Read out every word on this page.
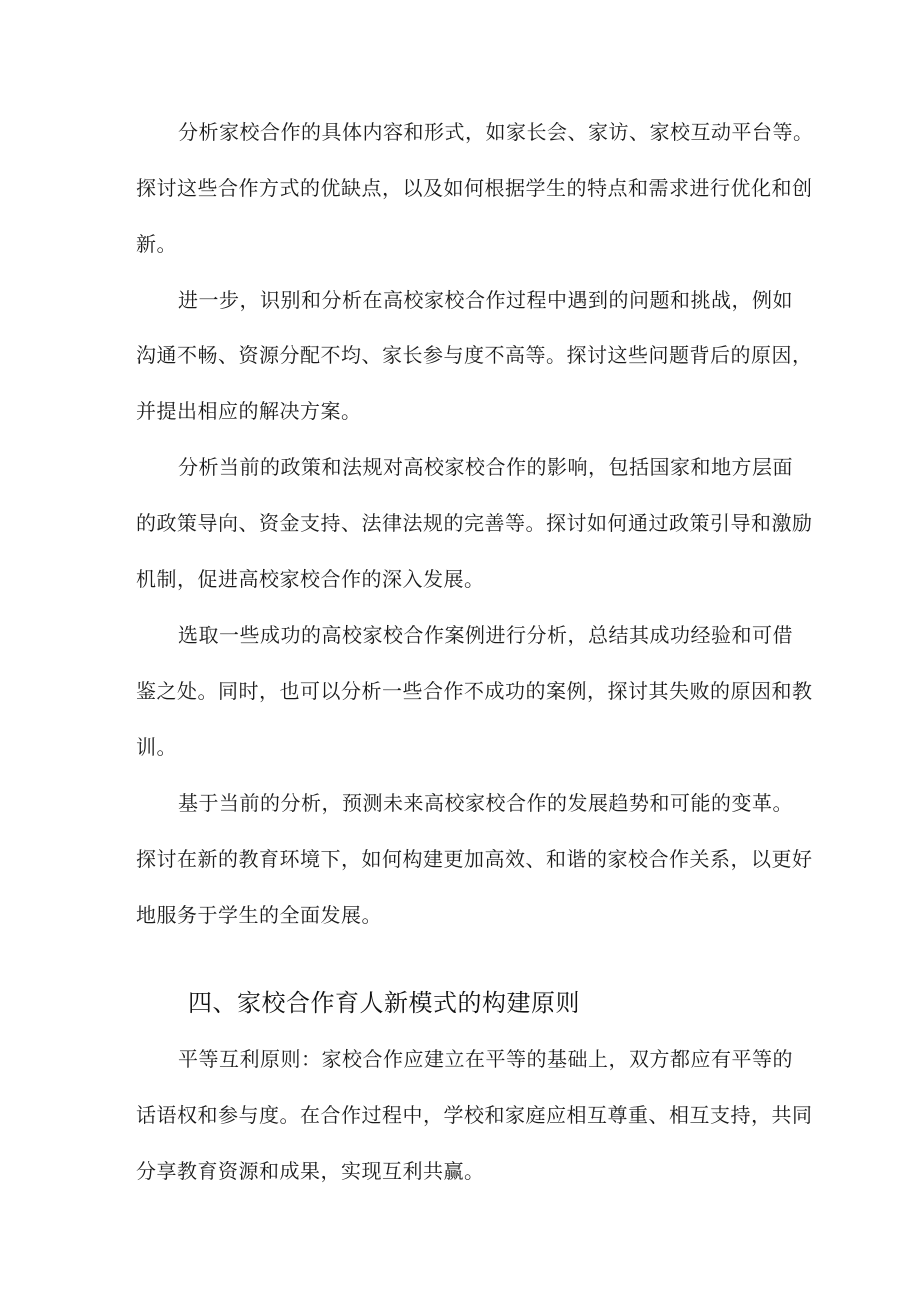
分析家校合作的具体内容和形式，如家长会、家访、家校互动平台等。
探讨这些合作方式的优缺点，以及如何根据学生的特点和需求进行优化和创
新。
进一步，识别和分析在高校家校合作过程中遇到的问题和挑战，例如
沟通不畅、资源分配不均、家长参与度不高等。探讨这些问题背后的原因，
并提出相应的解决方案。
分析当前的政策和法规对高校家校合作的影响，包括国家和地方层面
的政策导向、资金支持、法律法规的完善等。探讨如何通过政策引导和激励
机制，促进高校家校合作的深入发展。
选取一些成功的高校家校合作案例进行分析，总结其成功经验和可借
鉴之处。同时，也可以分析一些合作不成功的案例，探讨其失败的原因和教
训。
基于当前的分析，预测未来高校家校合作的发展趋势和可能的变革。
探讨在新的教育环境下，如何构建更加高效、和谐的家校合作关系，以更好
地服务于学生的全面发展。
四、家校合作育人新模式的构建原则
平等互利原则：家校合作应建立在平等的基础上，双方都应有平等的
话语权和参与度。在合作过程中，学校和家庭应相互尊重、相互支持，共同
分享教育资源和成果，实现互利共赢。
